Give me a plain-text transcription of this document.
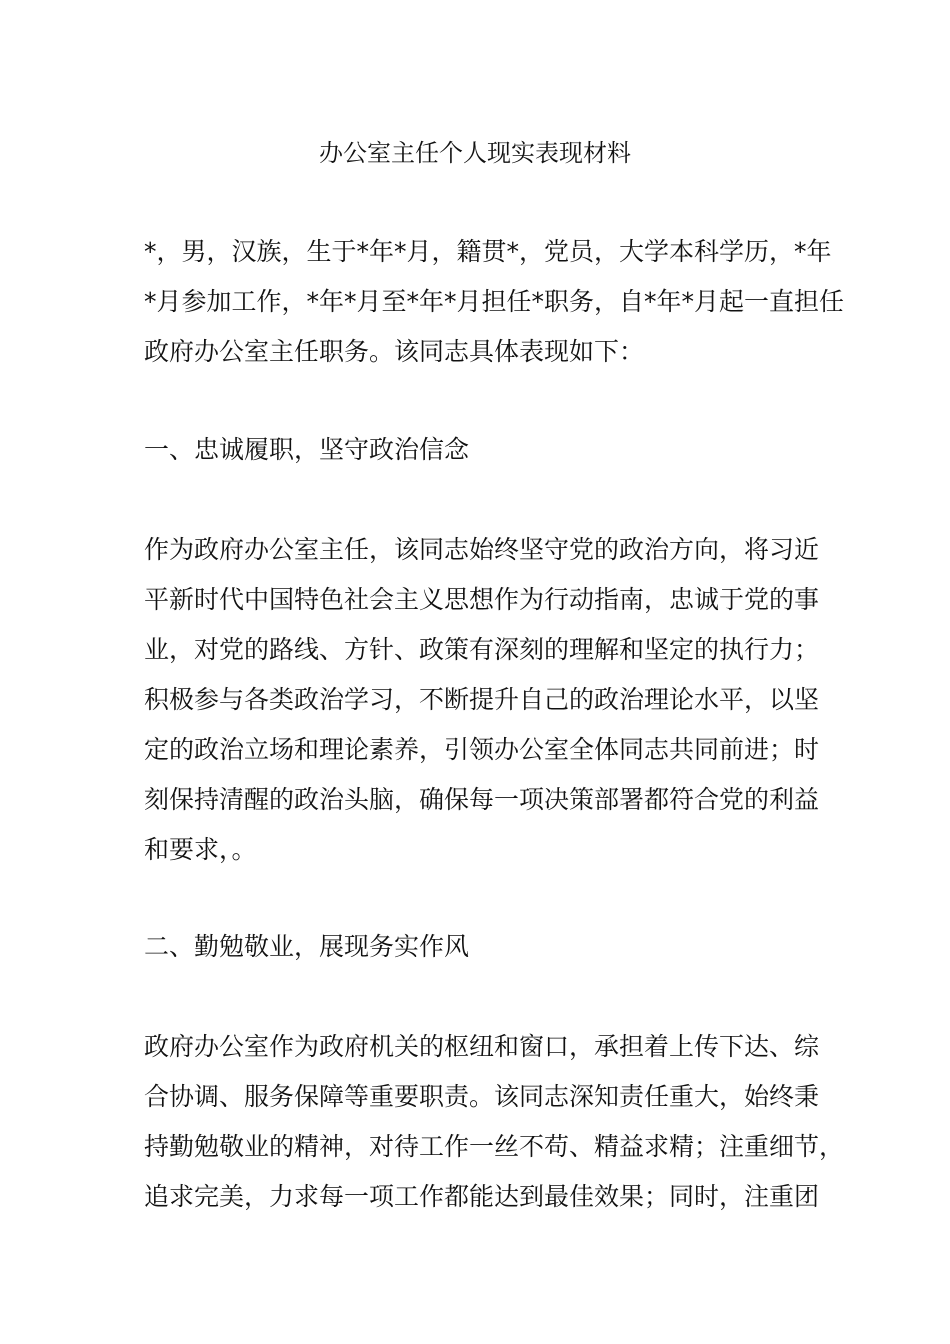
办公室主任个人现实表现材料
*，男，汉族，生于*年*月，籍贯*，党员，大学本科学历，*年
*月参加工作，*年*月至*年*月担任*职务，自*年*月起一直担任
政府办公室主任职务。该同志具体表现如下：
一、忠诚履职，坚守政治信念
作为政府办公室主任，该同志始终坚守党的政治方向，将习近
平新时代中国特色社会主义思想作为行动指南，忠诚于党的事
业，对党的路线、方针、政策有深刻的理解和坚定的执行力；
积极参与各类政治学习，不断提升自己的政治理论水平，以坚
定的政治立场和理论素养，引领办公室全体同志共同前进；时
刻保持清醒的政治头脑，确保每一项决策部署都符合党的利益
和要求，。
二、勤勉敬业，展现务实作风
政府办公室作为政府机关的枢纽和窗口，承担着上传下达、综
合协调、服务保障等重要职责。该同志深知责任重大，始终秉
持勤勉敬业的精神，对待工作一丝不苟、精益求精；注重细节，
追求完美，力求每一项工作都能达到最佳效果；同时，注重团
